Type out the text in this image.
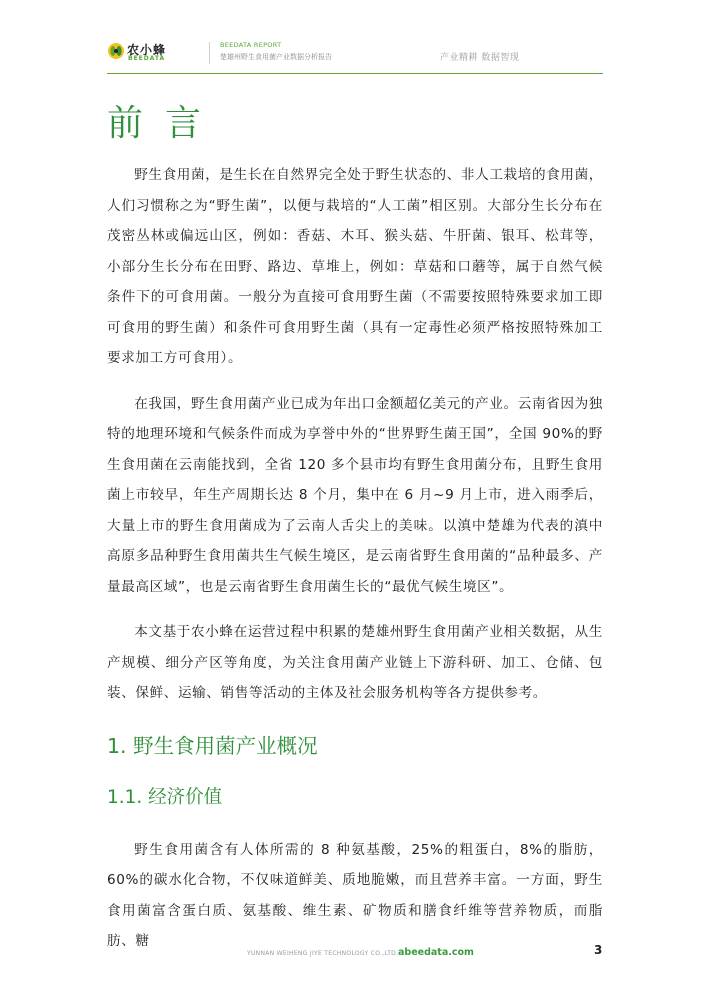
农小蜂
BEEDATA
BEEDATA REPORT
楚雄州野生食用菌产业数据分析报告	产业精耕 数据智现
前言

野生食用菌，是生长在自然界完全处于野生状态的、非人工栽培的食用菌，人们习惯称之为“野生菌”，以便与栽培的“人工菌”相区别。大部分生长分布在茂密丛林或偏远山区，例如：香菇、木耳、猴头菇、牛肝菌、银耳、松茸等，小部分生长分布在田野、路边、草堆上，例如：草菇和口蘑等，属于自然气候条件下的可食用菌。一般分为直接可食用野生菌（不需要按照特殊要求加工即可食用的野生菌）和条件可食用野生菌（具有一定毒性必须严格按照特殊加工要求加工方可食用）。

在我国，野生食用菌产业已成为年出口金额超亿美元的产业。云南省因为独特的地理环境和气候条件而成为享誉中外的“世界野生菌王国”，全国 90%的野生食用菌在云南能找到，全省 120 多个县市均有野生食用菌分布，且野生食用菌上市较早，年生产周期长达 8 个月，集中在 6 月~9 月上市，进入雨季后，大量上市的野生食用菌成为了云南人舌尖上的美味。以滇中楚雄为代表的滇中高原多品种野生食用菌共生气候生境区，是云南省野生食用菌的“品种最多、产量最高区域”，也是云南省野生食用菌生长的“最优气候生境区”。

本文基于农小蜂在运营过程中积累的楚雄州野生食用菌产业相关数据，从生产规模、细分产区等角度，为关注食用菌产业链上下游科研、加工、仓储、包装、保鲜、运输、销售等活动的主体及社会服务机构等各方提供参考。

1. 野生食用菌产业概况
1.1. 经济价值

野生食用菌含有人体所需的 8 种氨基酸，25%的粗蛋白，8%的脂肪，60%的碳水化合物，不仅味道鲜美、质地脆嫩，而且营养丰富。一方面，野生食用菌富含蛋白质、氨基酸、维生素、矿物质和膳食纤维等营养物质，而脂肪、糖

YUNNAN WEIHENG JIYE TECHNOLOGY CO.,LTD. abeedata.com	3
